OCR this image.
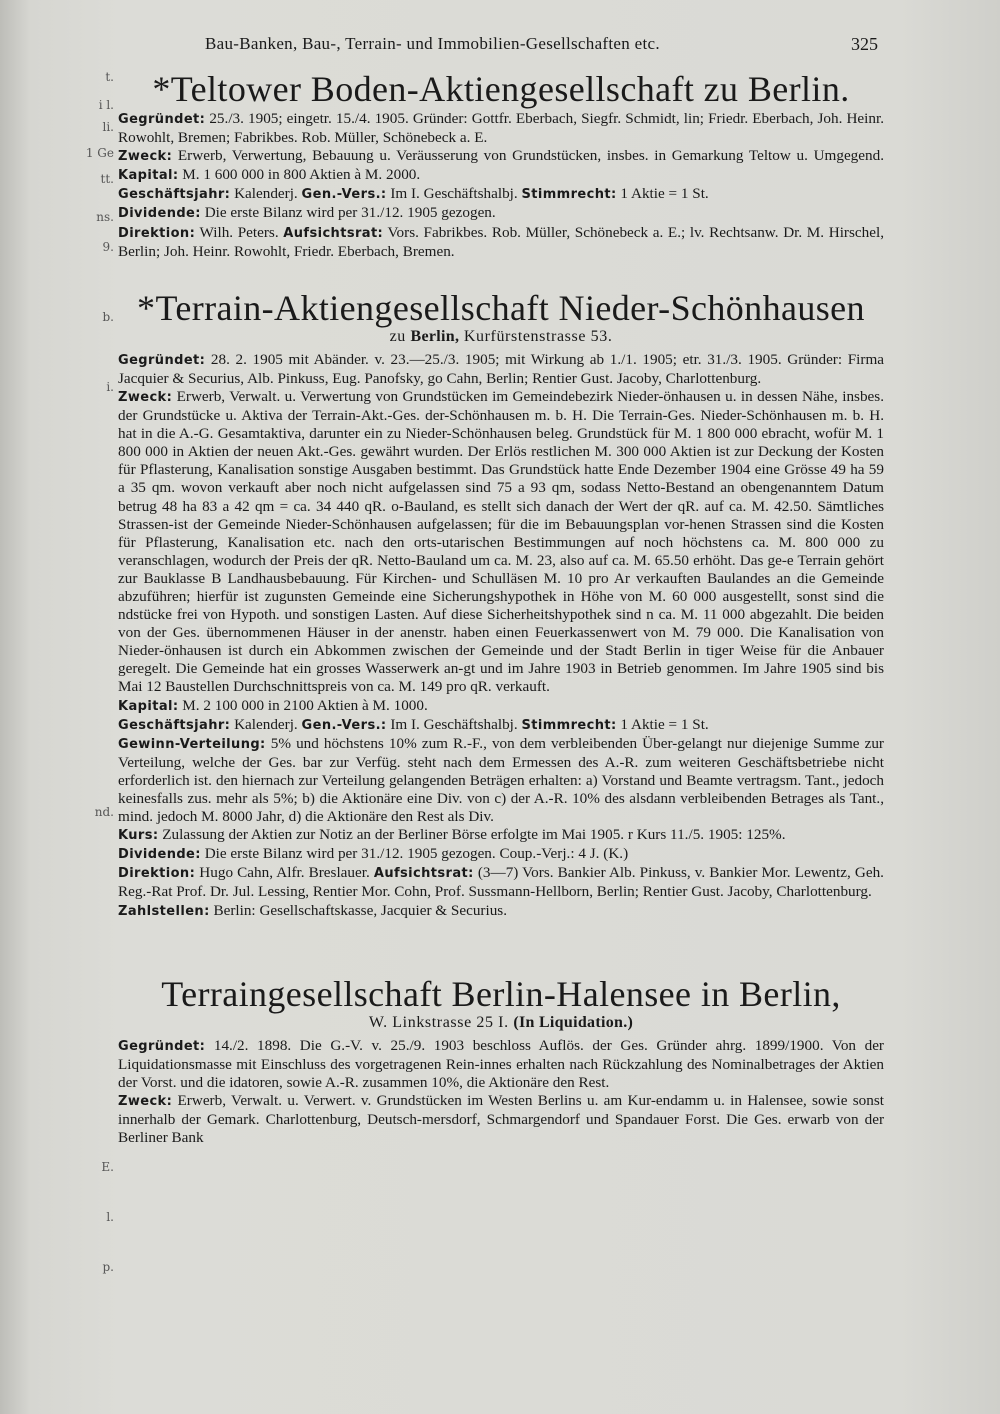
t.
i l.
li.
1 Ge
tt.
ns.
9.
b.
i.
nd.
E.
l.
p.
Bau-Banken, Bau-, Terrain- und Immobilien-Gesellschaften etc.	325
*Teltower Boden-Aktiengesellschaft zu Berlin.
Gegründet: 25./3. 1905; eingetr. 15./4. 1905. Gründer: Gottfr. Eberbach, Siegfr. Schmidt, lin; Friedr. Eberbach, Joh. Heinr. Rowohlt, Bremen; Fabrikbes. Rob. Müller, Schönebeck a. E.
Zweck: Erwerb, Verwertung, Bebauung u. Veräusserung von Grundstücken, insbes. in Gemarkung Teltow u. Umgegend. Kapital: M. 1 600 000 in 800 Aktien à M. 2000.
Geschäftsjahr: Kalenderj. Gen.-Vers.: Im I. Geschäftshalbj. Stimmrecht: 1 Aktie = 1 St.
Dividende: Die erste Bilanz wird per 31./12. 1905 gezogen.
Direktion: Wilh. Peters. Aufsichtsrat: Vors. Fabrikbes. Rob. Müller, Schönebeck a. E.; lv. Rechtsanw. Dr. M. Hirschel, Berlin; Joh. Heinr. Rowohlt, Friedr. Eberbach, Bremen.
*Terrain-Aktiengesellschaft Nieder-Schönhausen
zu Berlin, Kurfürstenstrasse 53.
Gegründet: 28. 2. 1905 mit Abänder. v. 23.—25./3. 1905; mit Wirkung ab 1./1. 1905; etr. 31./3. 1905. Gründer: Firma Jacquier & Securius, Alb. Pinkuss, Eug. Panofsky, go Cahn, Berlin; Rentier Gust. Jacoby, Charlottenburg.
Zweck: Erwerb, Verwalt. u. Verwertung von Grundstücken im Gemeindebezirk Nieder-önhausen u. in dessen Nähe, insbes. der Grundstücke u. Aktiva der Terrain-Akt.-Ges. der-Schönhausen m. b. H. Die Terrain-Ges. Nieder-Schönhausen m. b. H. hat in die A.-G. Gesamtaktiva, darunter ein zu Nieder-Schönhausen beleg. Grundstück für M. 1 800 000 ebracht, wofür M. 1 800 000 in Aktien der neuen Akt.-Ges. gewährt wurden. Der Erlös restlichen M. 300 000 Aktien ist zur Deckung der Kosten für Pflasterung, Kanalisation sonstige Ausgaben bestimmt. Das Grundstück hatte Ende Dezember 1904 eine Grösse 49 ha 59 a 35 qm. wovon verkauft aber noch nicht aufgelassen sind 75 a 93 qm, sodass Netto-Bestand an obengenanntem Datum betrug 48 ha 83 a 42 qm = ca. 34 440 qR. o-Bauland, es stellt sich danach der Wert der qR. auf ca. M. 42.50. Sämtliches Strassen-ist der Gemeinde Nieder-Schönhausen aufgelassen; für die im Bebauungsplan vor-henen Strassen sind die Kosten für Pflasterung, Kanalisation etc. nach den orts-utarischen Bestimmungen auf noch höchstens ca. M. 800 000 zu veranschlagen, wodurch der Preis der qR. Netto-Bauland um ca. M. 23, also auf ca. M. 65.50 erhöht. Das ge-e Terrain gehört zur Bauklasse B Landhausbebauung. Für Kirchen- und Schulläsen M. 10 pro Ar verkauften Baulandes an die Gemeinde abzuführen; hierfür ist zugunsten Gemeinde eine Sicherungshypothek in Höhe von M. 60 000 ausgestellt, sonst sind die ndstücke frei von Hypoth. und sonstigen Lasten. Auf diese Sicherheitshypothek sind n ca. M. 11 000 abgezahlt. Die beiden von der Ges. übernommenen Häuser in der anenstr. haben einen Feuerkassenwert von M. 79 000. Die Kanalisation von Nieder-önhausen ist durch ein Abkommen zwischen der Gemeinde und der Stadt Berlin in tiger Weise für die Anbauer geregelt. Die Gemeinde hat ein grosses Wasserwerk an-gt und im Jahre 1903 in Betrieb genommen. Im Jahre 1905 sind bis Mai 12 Baustellen Durchschnittspreis von ca. M. 149 pro qR. verkauft.
Kapital: M. 2 100 000 in 2100 Aktien à M. 1000.
Geschäftsjahr: Kalenderj. Gen.-Vers.: Im I. Geschäftshalbj. Stimmrecht: 1 Aktie = 1 St.
Gewinn-Verteilung: 5% und höchstens 10% zum R.-F., von dem verbleibenden Über-gelangt nur diejenige Summe zur Verteilung, welche der Ges. bar zur Verfüg. steht nach dem Ermessen des A.-R. zum weiteren Geschäftsbetriebe nicht erforderlich ist. den hiernach zur Verteilung gelangenden Beträgen erhalten: a) Vorstand und Beamte vertragsm. Tant., jedoch keinesfalls zus. mehr als 5%; b) die Aktionäre eine Div. von c) der A.-R. 10% des alsdann verbleibenden Betrages als Tant., mind. jedoch M. 8000 Jahr, d) die Aktionäre den Rest als Div.
Kurs: Zulassung der Aktien zur Notiz an der Berliner Börse erfolgte im Mai 1905. r Kurs 11./5. 1905: 125%.
Dividende: Die erste Bilanz wird per 31./12. 1905 gezogen. Coup.-Verj.: 4 J. (K.)
Direktion: Hugo Cahn, Alfr. Breslauer. Aufsichtsrat: (3—7) Vors. Bankier Alb. Pinkuss, v. Bankier Mor. Lewentz, Geh. Reg.-Rat Prof. Dr. Jul. Lessing, Rentier Mor. Cohn, Prof. Sussmann-Hellborn, Berlin; Rentier Gust. Jacoby, Charlottenburg.
Zahlstellen: Berlin: Gesellschaftskasse, Jacquier & Securius.
Terraingesellschaft Berlin-Halensee in Berlin,
W. Linkstrasse 25 I. (In Liquidation.)
Gegründet: 14./2. 1898. Die G.-V. v. 25./9. 1903 beschloss Auflös. der Ges. Gründer ahrg. 1899/1900. Von der Liquidationsmasse mit Einschluss des vorgetragenen Rein-innes erhalten nach Rückzahlung des Nominalbetrages der Aktien der Vorst. und die idatoren, sowie A.-R. zusammen 10%, die Aktionäre den Rest.
Zweck: Erwerb, Verwalt. u. Verwert. v. Grundstücken im Westen Berlins u. am Kur-endamm u. in Halensee, sowie sonst innerhalb der Gemark. Charlottenburg, Deutsch-mersdorf, Schmargendorf und Spandauer Forst. Die Ges. erwarb von der Berliner Bank
